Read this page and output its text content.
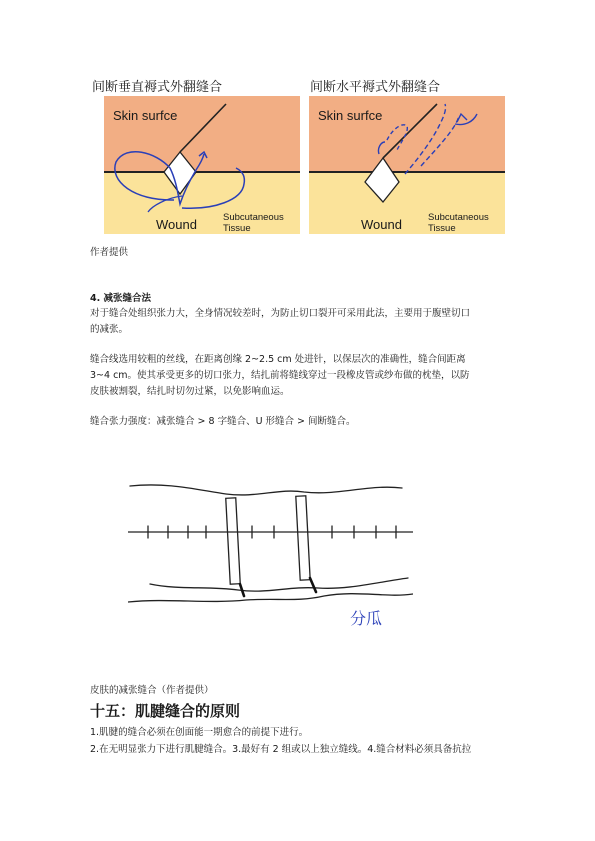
间断垂直褥式外翻缝合	间断水平褥式外翻缝合
Skin surfce
Wound	Subcutaneous
Tissue
Skin surfce
Wound	Subcutaneous
Tissue
作者提供
4. 减张缝合法
对于缝合处组织张力大，全身情况较差时，为防止切口裂开可采用此法，主要用于腹壁切口
的减张。
缝合线选用较粗的丝线，在距离创缘 2~2.5 cm 处进针，以保层次的准确性，缝合间距离
3~4 cm。使其承受更多的切口张力，结扎前将缝线穿过一段橡皮管或纱布做的枕垫，以防
皮肤被割裂，结扎时切勿过紧，以免影响血运。
缝合张力强度：减张缝合 > 8 字缝合、U 形缝合 > 间断缝合。
分瓜
皮肤的减张缝合（作者提供）
十五：肌腱缝合的原则
1.肌腱的缝合必须在创面能一期愈合的前提下进行。
2.在无明显张力下进行肌腱缝合。3.最好有 2 组或以上独立缝线。4.缝合材料必须具备抗拉
